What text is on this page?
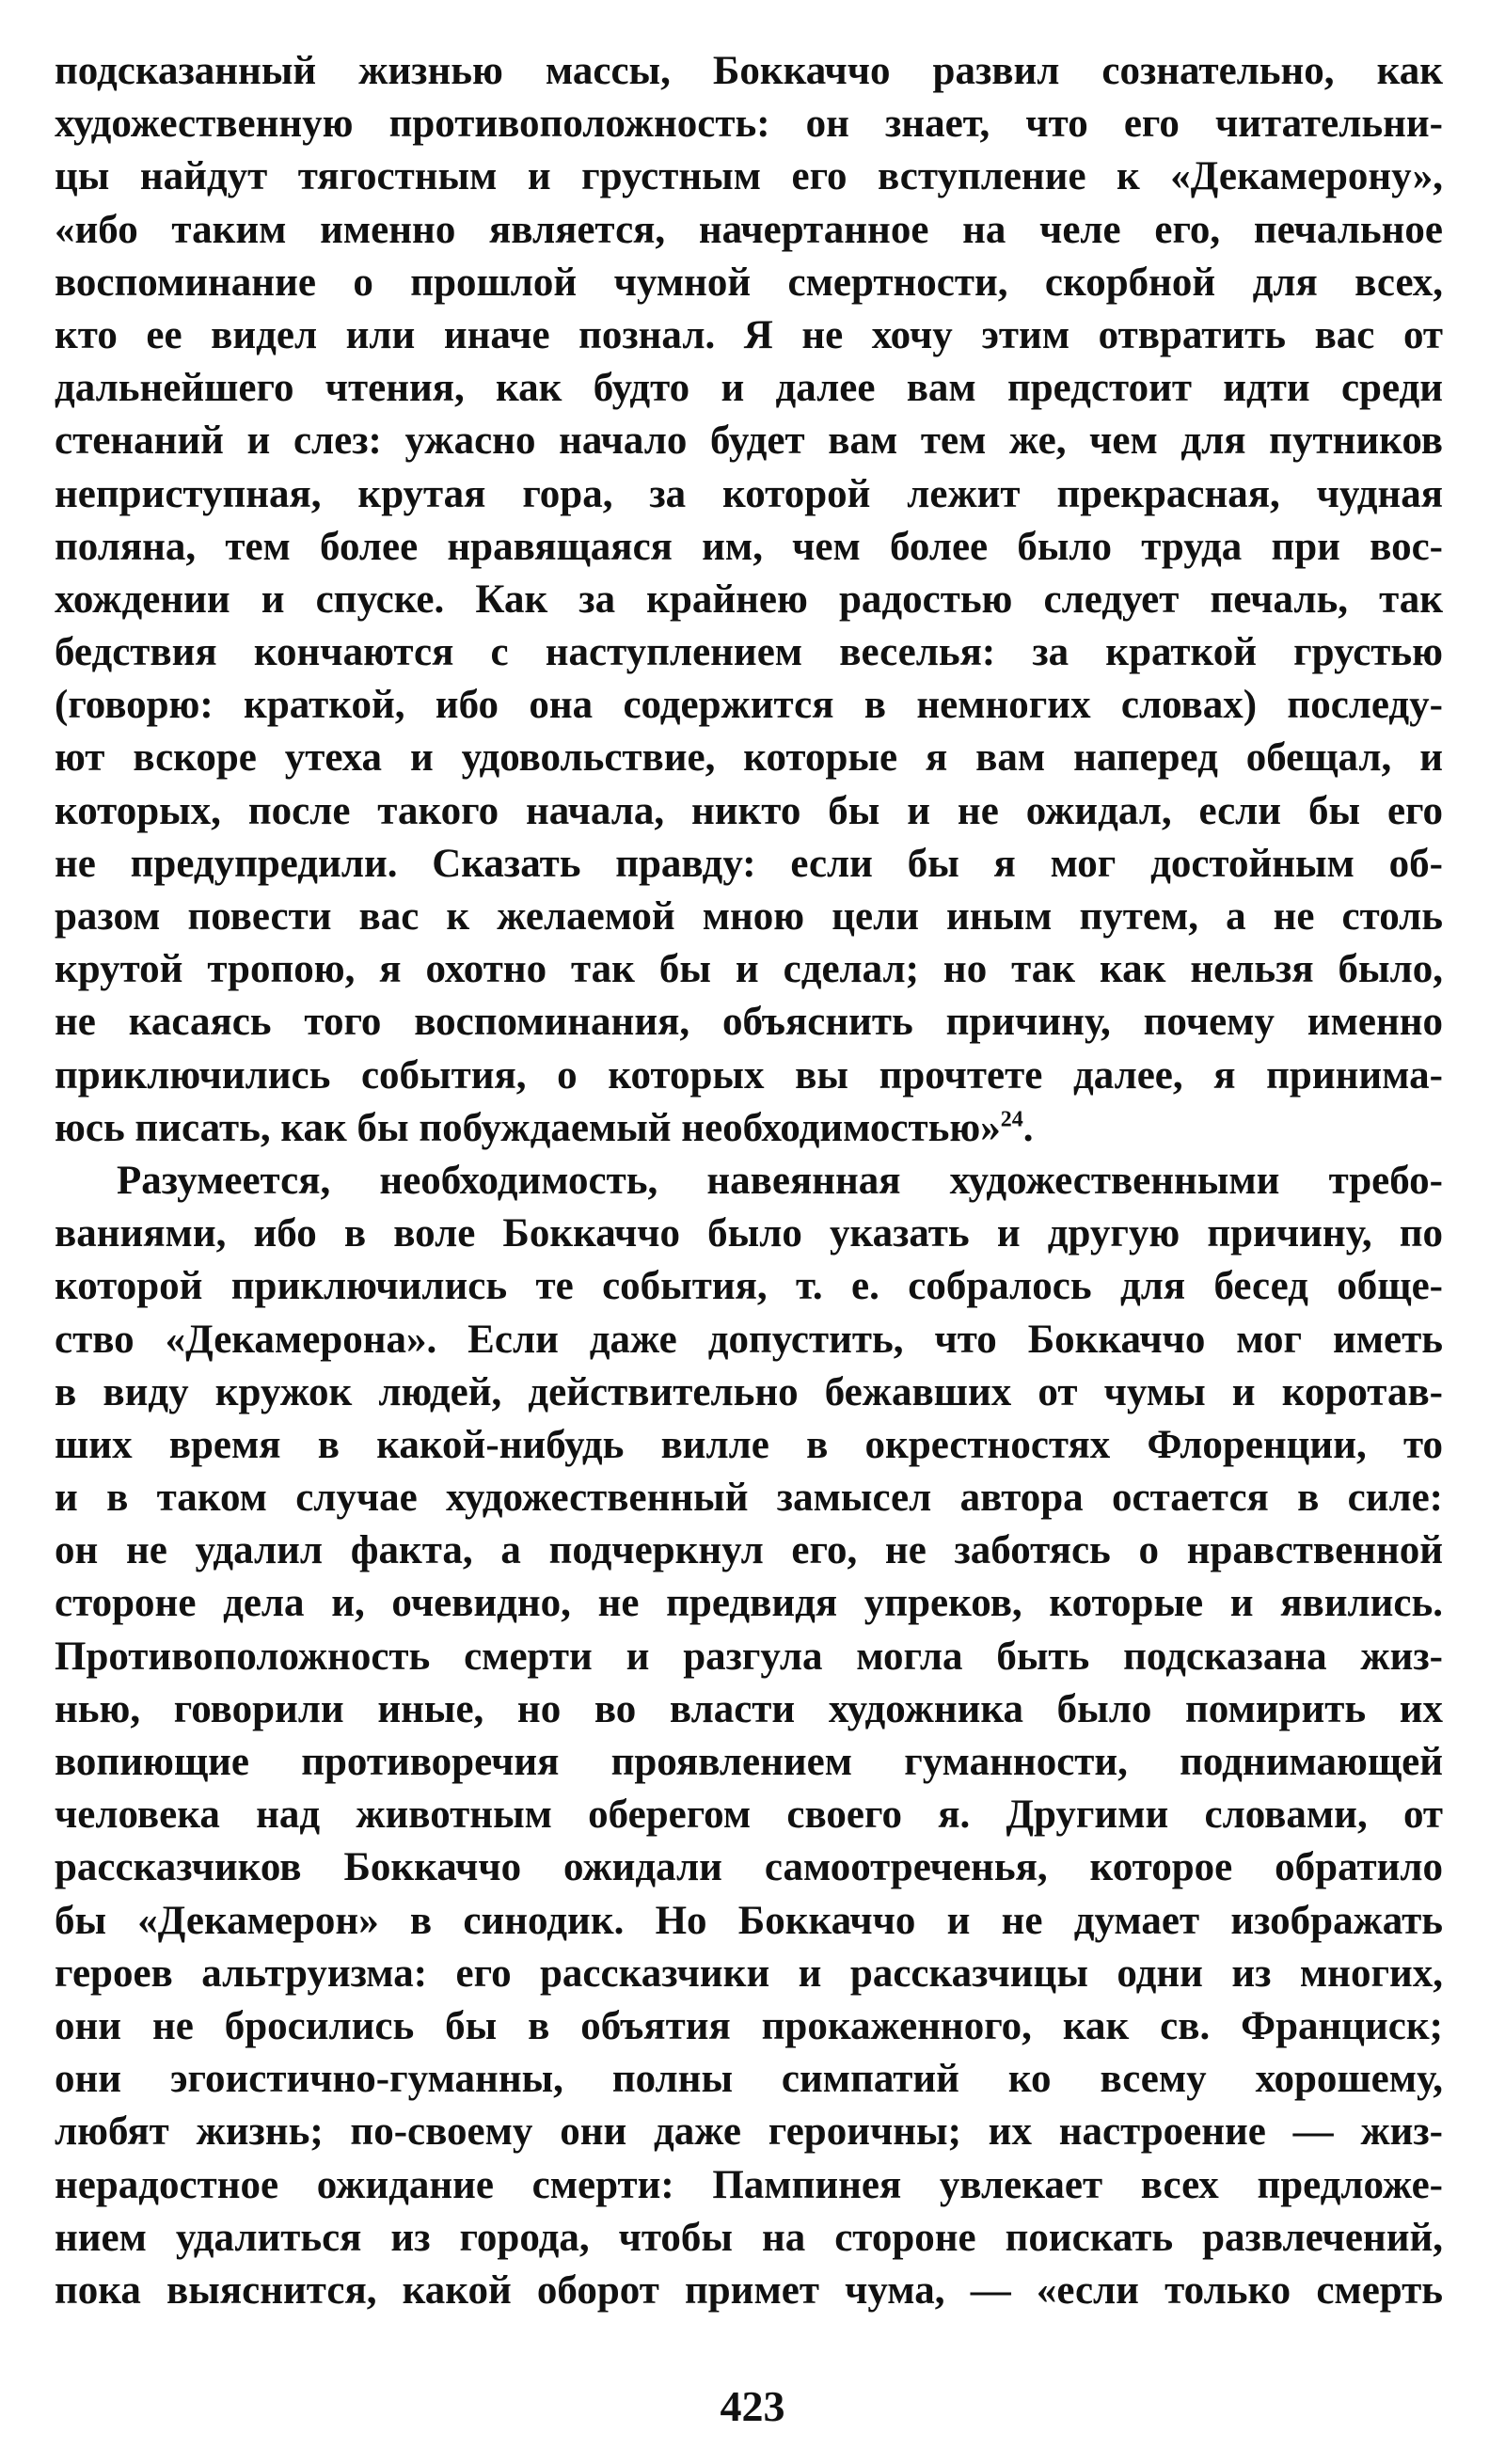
подсказанный жизнью массы, Боккаччо развил сознательно, как
художественную противоположность: он знает, что его читательни-
цы найдут тягостным и грустным его вступление к «Декамерону»,
«ибо таким именно является, начертанное на челе его, печальное
воспоминание о прошлой чумной смертности, скорбной для всех,
кто ее видел или иначе познал. Я не хочу этим отвратить вас от
дальнейшего чтения, как будто и далее вам предстоит идти среди
стенаний и слез: ужасно начало будет вам тем же, чем для путников
неприступная, крутая гора, за которой лежит прекрасная, чудная
поляна, тем более нравящаяся им, чем более было труда при вос-
хождении и спуске. Как за крайнею радостью следует печаль, так
бедствия кончаются с наступлением веселья: за краткой грустью
(говорю: краткой, ибо она содержится в немногих словах) последу-
ют вскоре утеха и удовольствие, которые я вам наперед обещал, и
которых, после такого начала, никто бы и не ожидал, если бы его
не предупредили. Сказать правду: если бы я мог достойным об-
разом повести вас к желаемой мною цели иным путем, а не столь
крутой тропою, я охотно так бы и сделал; но так как нельзя было,
не касаясь того воспоминания, объяснить причину, почему именно
приключились события, о которых вы прочтете далее, я принима-
юсь писать, как бы побуждаемый необходимостью»$^{24}$.

Разумеется, необходимость, навеянная художественными требо-
ваниями, ибо в воле Боккаччо было указать и другую причину, по
которой приключились те события, т. е. собралось для бесед обще-
ство «Декамерона». Если даже допустить, что Боккаччо мог иметь
в виду кружок людей, действительно бежавших от чумы и коротав-
ших время в какой-нибудь вилле в окрестностях Флоренции, то
и в таком случае художественный замысел автора остается в силе:
он не удалил факта, а подчеркнул его, не заботясь о нравственной
стороне дела и, очевидно, не предвидя упреков, которые и явились.
Противоположность смерти и разгула могла быть подсказана жиз-
нью, говорили иные, но во власти художника было помирить их
вопиющие противоречия проявлением гуманности, поднимающей
человека над животным оберегом своего я. Другими словами, от
рассказчиков Боккаччо ожидали самоотреченья, которое обратило
бы «Декамерон» в синодик. Но Боккаччо и не думает изображать
героев альтруизма: его рассказчики и рассказчицы одни из многих,
они не бросились бы в объятия прокаженного, как св. Франциск;
они эгоистично-гуманны, полны симпатий ко всему хорошему,
любят жизнь; по-своему они даже героичны; их настроение — жиз-
нерадостное ожидание смерти: Пампинея увлекает всех предложе-
нием удалиться из города, чтобы на стороне поискать развлечений,
пока выяснится, какой оборот примет чума, — «если только смерть

423
